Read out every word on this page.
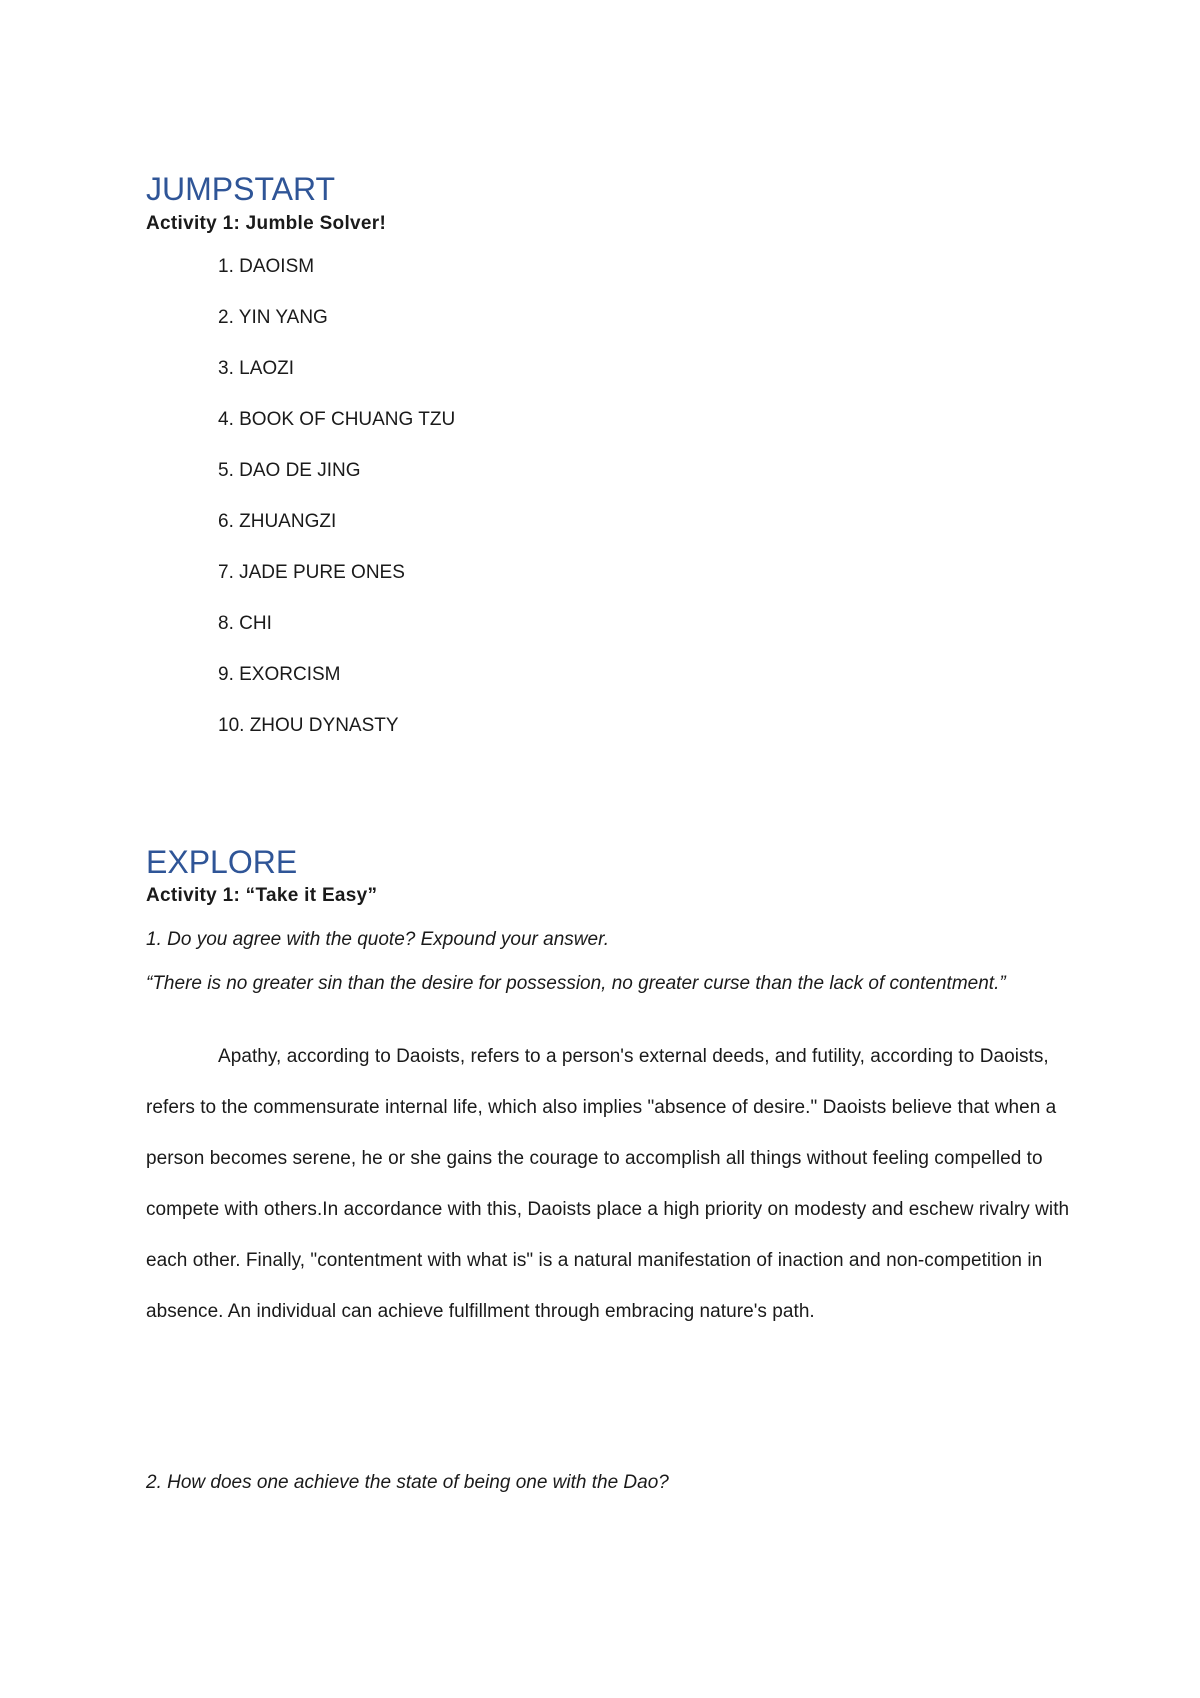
JUMPSTART

Activity 1: Jumble Solver!

1. DAOISM
2. YIN YANG
3. LAOZI
4. BOOK OF CHUANG TZU
5. DAO DE JING
6. ZHUANGZI
7. JADE PURE ONES
8. CHI
9. EXORCISM
10. ZHOU DYNASTY
EXPLORE

Activity 1: “Take it Easy”

1. Do you agree with the quote? Expound your answer.

“There is no greater sin than the desire for possession, no greater curse than the lack of contentment.”

Apathy, according to Daoists, refers to a person's external deeds, and futility, according to Daoists, refers to the commensurate internal life, which also implies "absence of desire." Daoists believe that when a person becomes serene, he or she gains the courage to accomplish all things without feeling compelled to compete with others.In accordance with this, Daoists place a high priority on modesty and eschew rivalry with each other. Finally, "contentment with what is" is a natural manifestation of inaction and non-competition in absence. An individual can achieve fulfillment through embracing nature's path.

2. How does one achieve the state of being one with the Dao?
